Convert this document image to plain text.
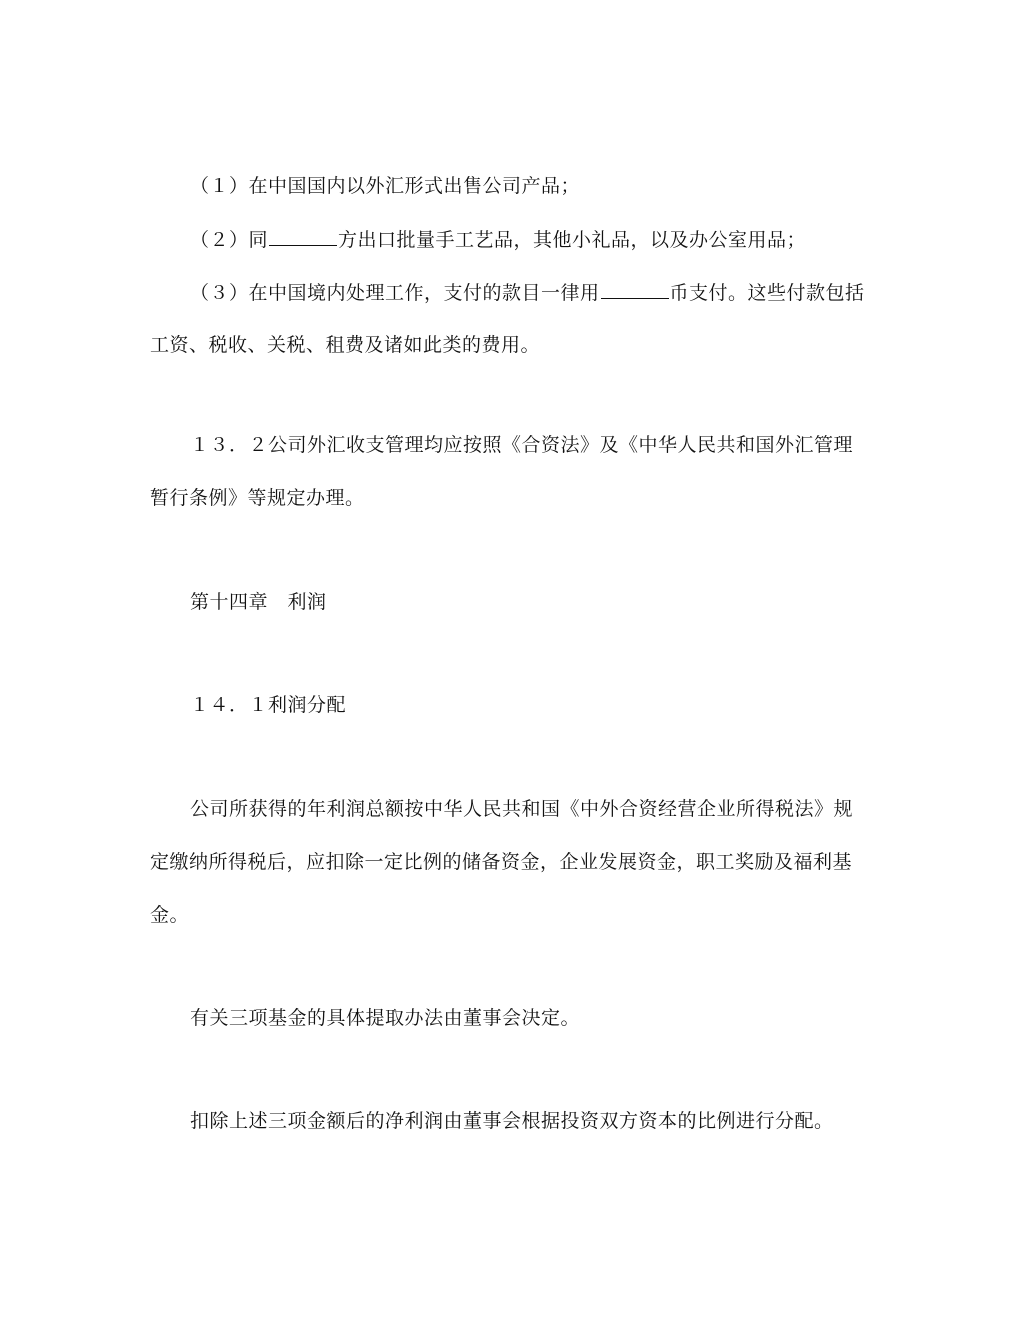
（１）在中国国内以外汇形式出售公司产品；
（２）同	方出口批量手工艺品，其他小礼品，以及办公室用品；
（３）在中国境内处理工作，支付的款目一律用	币支付。这些付款包括
工资、税收、关税、租费及诸如此类的费用。
１３．２公司外汇收支管理均应按照《合资法》及《中华人民共和国外汇管理
暂行条例》等规定办理。
第十四章　利润
１４．１利润分配
公司所获得的年利润总额按中华人民共和国《中外合资经营企业所得税法》规
定缴纳所得税后，应扣除一定比例的储备资金，企业发展资金，职工奖励及福利基
金。
有关三项基金的具体提取办法由董事会决定。
扣除上述三项金额后的净利润由董事会根据投资双方资本的比例进行分配。
